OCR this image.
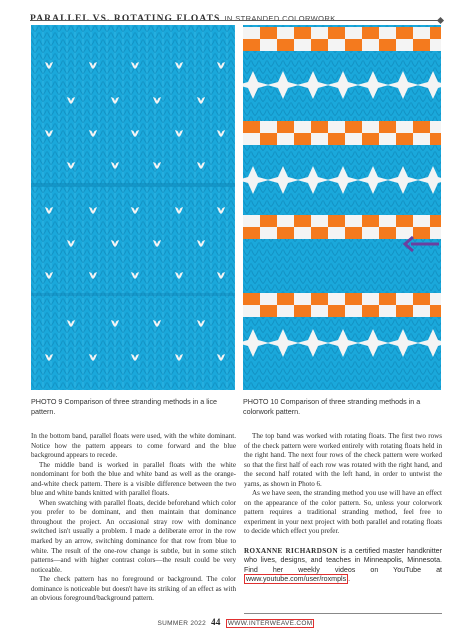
PARALLEL VS. ROTATING FLOATS IN STRANDED COLORWORK
PHOTO 9 Comparison of three stranding methods in a lice pattern.
PHOTO 10 Comparison of three stranding methods in a colorwork pattern.

In the bottom band, parallel floats were used, with the white dominant. Notice how the pattern appears to come forward and the blue background appears to recede.

The middle band is worked in parallel floats with the white nondominant for both the blue and white band as well as the orange-and-white check pattern. There is a visible difference between the two blue and white bands knitted with parallel floats.

When swatching with parallel floats, decide beforehand which color you prefer to be dominant, and then maintain that dominance throughout the project. An occasional stray row with dominance switched isn't usually a problem. I made a deliberate error in the row marked by an arrow, switching dominance for that row from blue to white. The result of the one-row change is subtle, but in some stitch patterns—and with higher contrast colors—the result could be very noticeable.

The check pattern has no foreground or background. The color dominance is noticeable but doesn't have its striking of an effect as with an obvious foreground/background pattern.

The top band was worked with rotating floats. The first two rows of the check pattern were worked entirely with rotating floats held in the right hand. The next four rows of the check pattern were worked so that the first half of each row was rotated with the right hand, and the second half rotated with the left hand, in order to untwist the yarns, as shown in Photo 6.

As we have seen, the stranding method you use will have an effect on the appearance of the color pattern. So, unless your colorwork pattern requires a traditional stranding method, feel free to experiment in your next project with both parallel and rotating floats to decide which effect you prefer.

ROXANNE RICHARDSON is a certified master handknitter who lives, designs, and teaches in Minneapolis, Minnesota. Find her weekly videos on YouTube at www.youtube.com/user/roxmpls .

SUMMER 2022 44 WWW.INTERWEAVE.COM
